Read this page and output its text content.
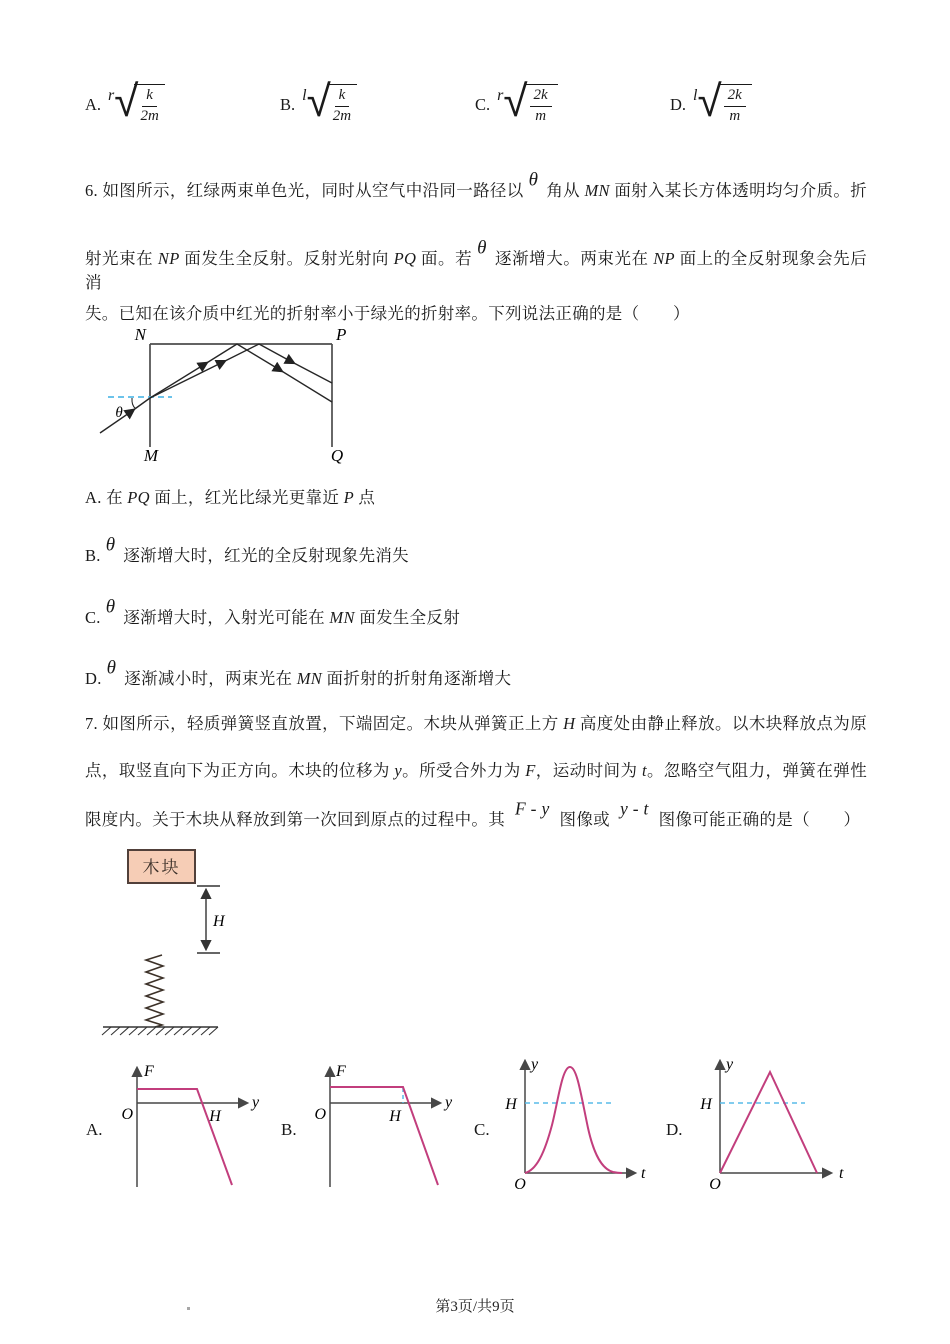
A. r √
$\frac{k}{2m}$	B. l √
$\frac{k}{2m}$	C. r √
$\frac{2k}{m}$	D. l √
$\frac{2k}{m}$
6. 如图所示，红绿两束单色光，同时从空气中沿同一路径以 θ 角从 MN 面射入某长方体透明均匀介质。折
射光束在 NP 面发生全反射。反射光射向 PQ 面。若 θ 逐渐增大。两束光在 NP 面上的全反射现象会先后消
失。已知在该介质中红光的折射率小于绿光的折射率。下列说法正确的是（　　）
N	P
M	Q
θ
A. 在 PQ 面上，红光比绿光更靠近 P 点
B. θ 逐渐增大时，红光的全反射现象先消失
C. θ 逐渐增大时，入射光可能在 MN 面发生全反射
D. θ 逐渐减小时，两束光在 MN 面折射的折射角逐渐增大
7. 如图所示，轻质弹簧竖直放置，下端固定。木块从弹簧正上方 H 高度处由静止释放。以木块释放点为原
点，取竖直向下为正方向。木块的位移为 y。所受合外力为 F，运动时间为 t。忽略空气阻力，弹簧在弹性
限度内。关于木块从释放到第一次回到原点的过程中。其F - y图像或y - t图像可能正确的是（　　）
木块
H
A.	B.	C.	D.
F
y
O	H
F
y
O	H
y
t
O
H
y
t
O
H
第3页/共9页
